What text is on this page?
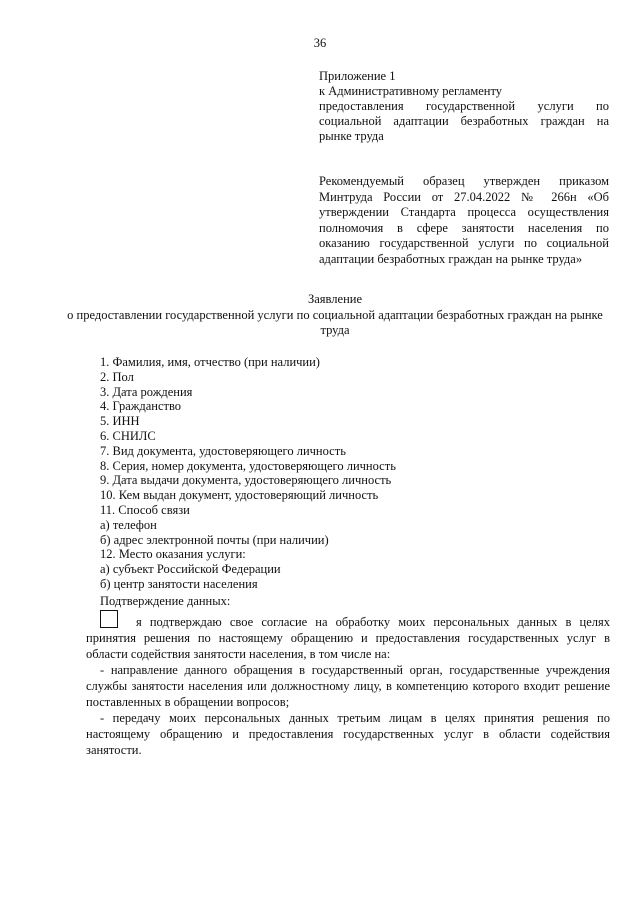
36
Приложение 1
к Административному регламенту
предоставления государственной услуги по социальной адаптации безработных граждан на рынке труда
Рекомендуемый образец утвержден приказом Минтруда России от 27.04.2022 № 266н «Об утверждении Стандарта процесса осуществления полномочия в сфере занятости населения по оказанию государственной услуги по социальной адаптации безработных граждан на рынке труда»
Заявление
о предоставлении государственной услуги по социальной адаптации безработных граждан на рынке труда
1. Фамилия, имя, отчество (при наличии)
2. Пол
3. Дата рождения
4. Гражданство
5. ИНН
6. СНИЛС
7. Вид документа, удостоверяющего личность
8. Серия, номер документа, удостоверяющего личность
9. Дата выдачи документа, удостоверяющего личность
10. Кем выдан документ, удостоверяющий личность
11. Способ связи
а) телефон
б) адрес электронной почты (при наличии)
12. Место оказания услуги:
а) субъект Российской Федерации
б) центр занятости населения
Подтверждение данных:

я подтверждаю свое согласие на обработку моих персональных данных в целях принятия решения по настоящему обращению и предоставления государственных услуг в области содействия занятости населения, в том числе на:

- направление данного обращения в государственный орган, государственные учреждения службы занятости населения или должностному лицу, в компетенцию которого входит решение поставленных в обращении вопросов;

- передачу моих персональных данных третьим лицам в целях принятия решения по настоящему обращению и предоставления государственных услуг в области содействия занятости.
